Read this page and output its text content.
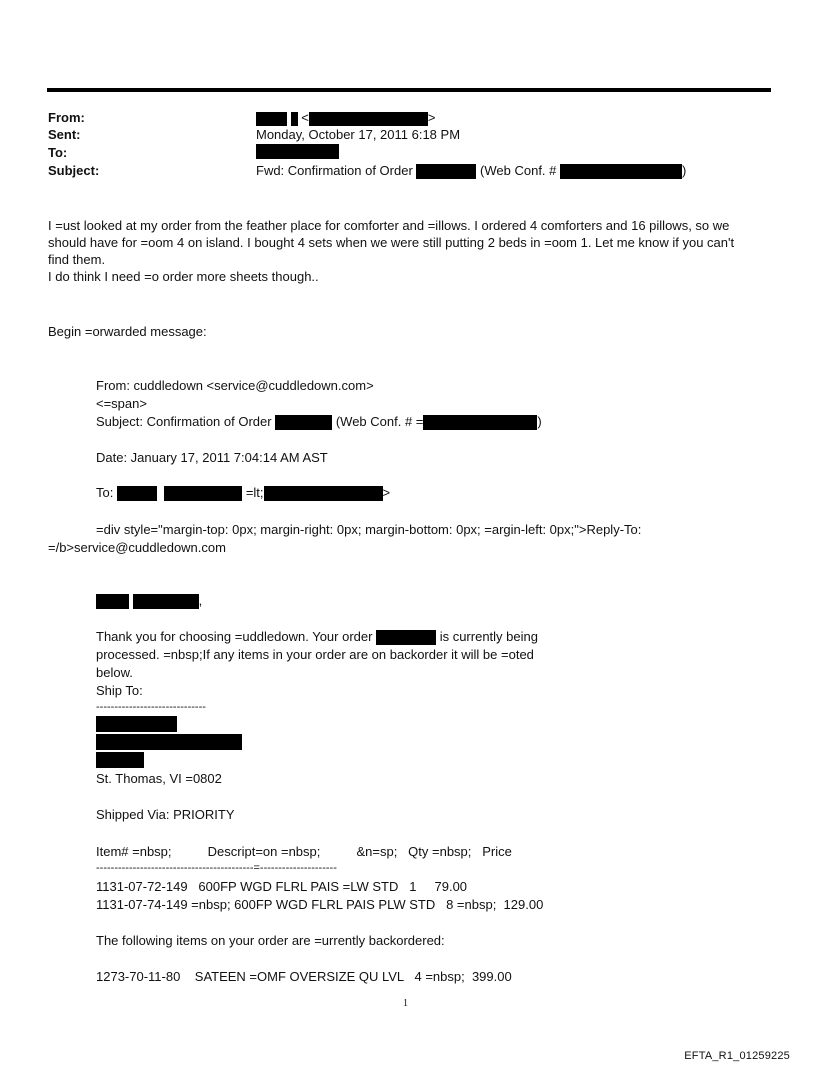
From:	<	>
Sent:	Monday, October 17, 2011 6:18 PM
To:
Subject:	Fwd: Confirmation of Order	(Web Conf. #	)
I =ust looked at my order from the feather place for comforter and =illows. I ordered 4 comforters and 16 pillows, so we
should have for =oom 4 on island. I bought 4 sets when we were still putting 2 beds in =oom 1. Let me know if you can't
find them.
I do think I need =o order more sheets though..
Begin =orwarded message:
From: cuddledown <service@cuddledown.com>
<=span>
Subject: Confirmation of Order	(Web Conf. # =	)
Date: January 17, 2011 7:04:14 AM AST
To:	=lt;	>
=div style="margin-top: 0px; margin-right: 0px; margin-bottom: 0px; =argin-left: 0px;">Reply-To:
=/b>service@cuddledown.com
,
Thank you for choosing =uddledown. Your order	is currently being
processed. =nbsp;If any items in your order are on backorder it will be =oted
below.
Ship To:
------------------------------
St. Thomas, VI =0802
Shipped Via: PRIORITY
Item# =nbsp;          Descript=on =nbsp;          &n=sp;   Qty =nbsp;   Price
-------------------------------------------=---------------------
1131-07-72-149   600FP WGD FLRL PAIS =LW STD   1     79.00
1131-07-74-149 =nbsp; 600FP WGD FLRL PAIS PLW STD   8 =nbsp;  129.00
The following items on your order are =urrently backordered:
1273-70-11-80    SATEEN =OMF OVERSIZE QU LVL   4 =nbsp;  399.00
1
EFTA_R1_01259225
